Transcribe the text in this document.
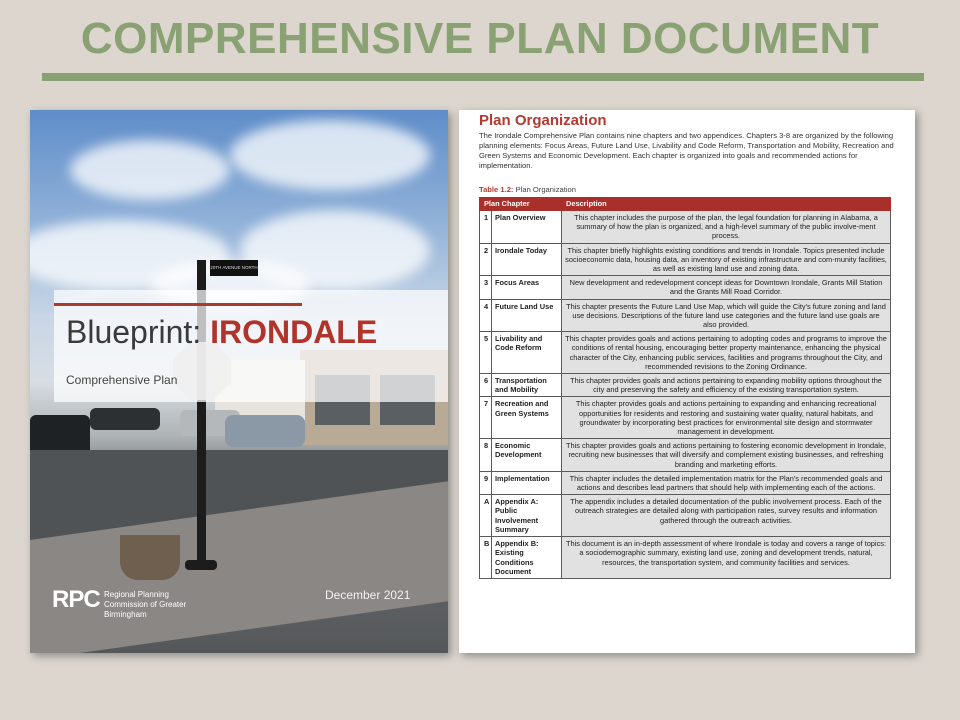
COMPREHENSIVE PLAN DOCUMENT
20TH AVENUE NORTH
Blueprint: IRONDALE
Comprehensive Plan
RPC Regional Planning Commission of Greater Birmingham
December 2021
Plan Organization
The Irondale Comprehensive Plan contains nine chapters and two appendices. Chapters 3-8 are organized by the following planning elements: Focus Areas, Future Land Use, Livability and Code Reform, Transportation and Mobility, Recreation and Green Systems and Economic Development. Each chapter is organized into goals and recommended actions for implementation.
Table 1.2: Plan Organization
Plan Chapter		Description
1	Plan Overview	This chapter includes the purpose of the plan, the legal foundation for planning in Alabama, a summary of how the plan is organized, and a high-level summary of the public involve-ment process.
2	Irondale Today	This chapter briefly highlights existing conditions and trends in Irondale. Topics presented include socioeconomic data, housing data, an inventory of existing infrastructure and com-munity facilities, as well as existing land use and zoning data.
3	Focus Areas	New development and redevelopment concept ideas for Downtown Irondale, Grants Mill Station and the Grants Mill Road Corridor.
4	Future Land Use	This chapter presents the Future Land Use Map, which will guide the City's future zoning and land use decisions. Descriptions of the future land use categories and the future land use goals are also provided.
5	Livability and Code Reform	This chapter provides goals and actions pertaining to adopting codes and programs to improve the conditions of rental housing, encouraging better property maintenance, enhancing the physical character of the City, enhancing public services, facilities and programs throughout the City, and recommended revisions to the Zoning Ordinance.
6	Transportation and Mobility	This chapter provides goals and actions pertaining to expanding mobility options throughout the city and preserving the safety and efficiency of the existing transportation system.
7	Recreation and Green Systems	This chapter provides goals and actions pertaining to expanding and enhancing recreational opportunities for residents and restoring and sustaining water quality, natural habitats, and groundwater by incorporating best practices for environmental site design and stormwater management in development.
8	Economic Development	This chapter provides goals and actions pertaining to fostering economic development in Irondale, recruiting new businesses that will diversify and complement existing businesses, and refreshing branding and marketing efforts.
9	Implementation	This chapter includes the detailed implementation matrix for the Plan's recommended goals and actions and describes lead partners that should help with implementing each of the actions.
A	Appendix A: Public Involvement Summary	The appendix includes a detailed documentation of the public involvement process. Each of the outreach strategies are detailed along with participation rates, survey results and information gathered through the outreach activities.
B	Appendix B: Existing Conditions Document	This document is an in-depth assessment of where Irondale is today and covers a range of topics: a sociodemographic summary, existing land use, zoning and development trends, natural, resources, the transportation system, and community facilities and services.
